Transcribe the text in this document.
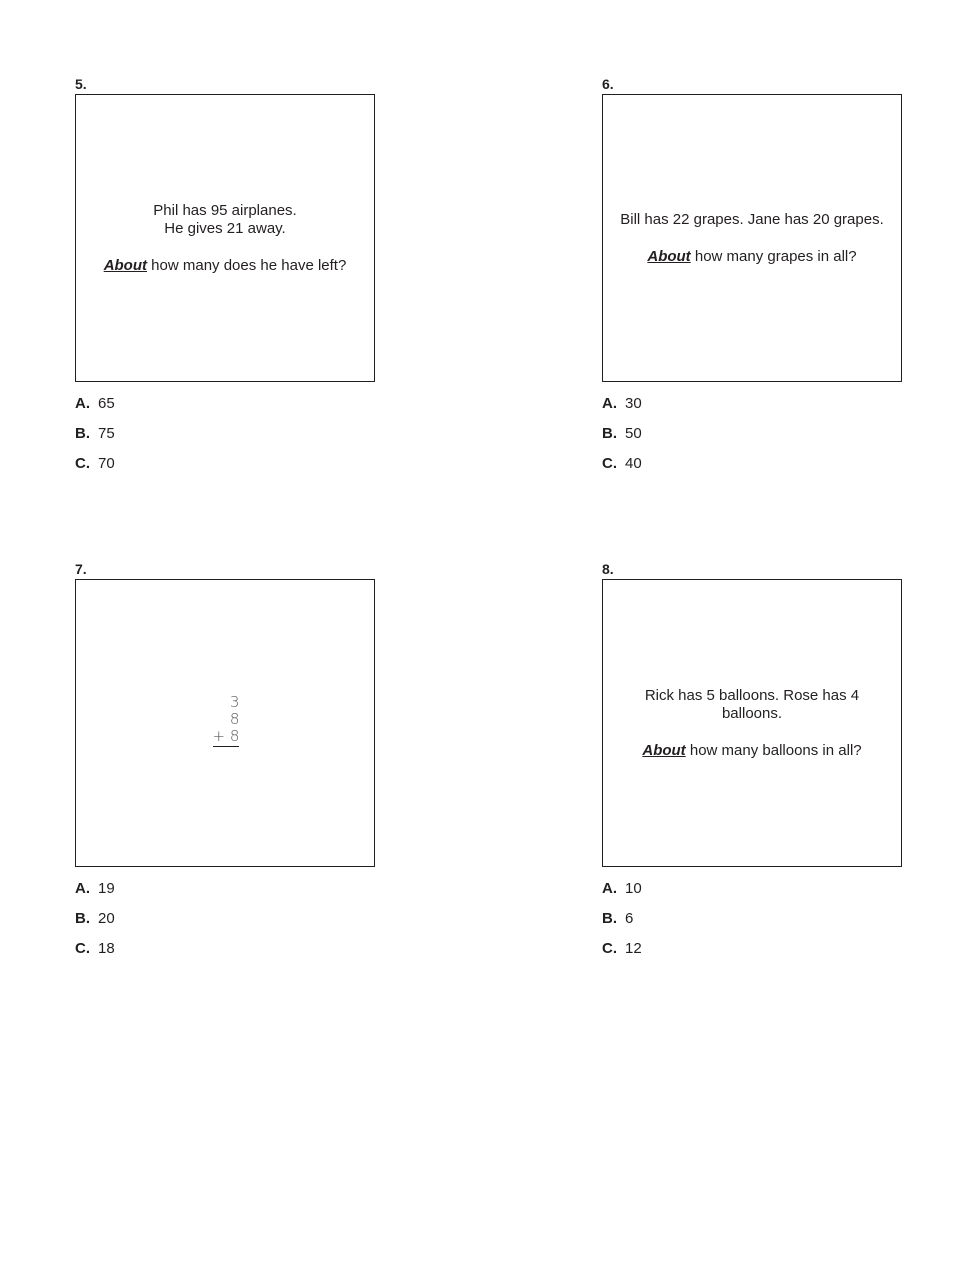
5.

Phil has 95 airplanes.

He gives 21 away.

About how many does he have left?

A. 65
B. 75
C. 70
6.

Bill has 22 grapes. Jane has 20 grapes.

About how many grapes in all?

A. 30
B. 50
C. 40
7.
3
8
+ 8
A. 19
B. 20
C. 18
8.

Rick has 5 balloons. Rose has 4 balloons.

About how many balloons in all?

A. 10
B. 6
C. 12
